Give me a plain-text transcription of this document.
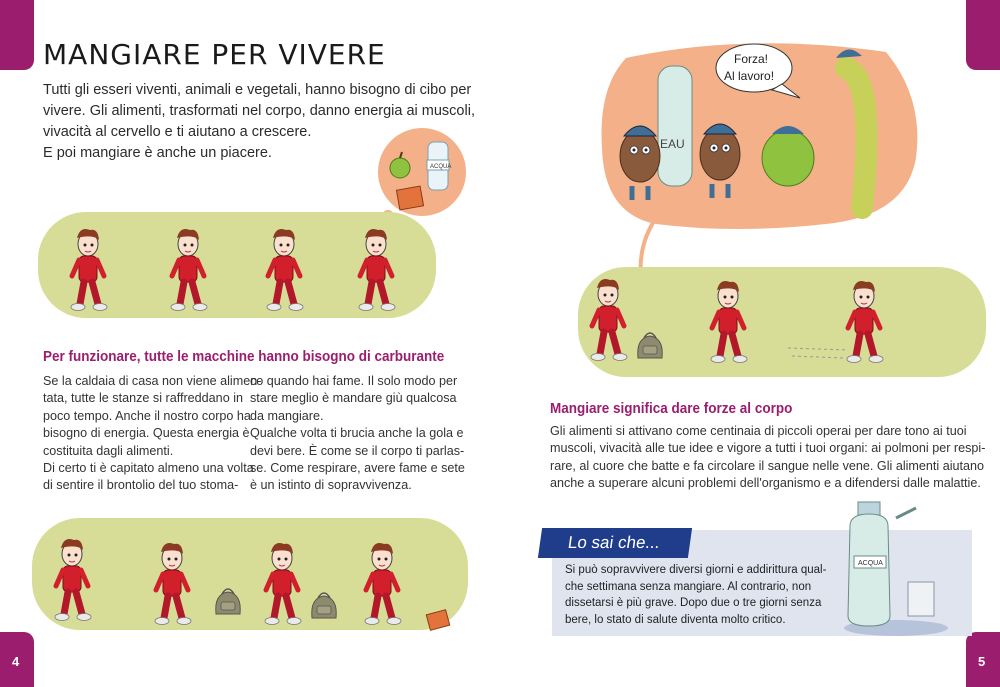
MANGIARE PER VIVERE
Tutti gli esseri viventi, animali e vegetali, hanno bisogno di cibo per
vivere. Gli alimenti, trasformati nel corpo, danno energia ai muscoli,
vivacità al cervello e ti aiutano a crescere.
E poi mangiare è anche un piacere.
ACQUA
Per funzionare, tutte le macchine hanno bisogno di carburante
Se la caldaia di casa non viene alimen-
tata, tutte le stanze si raffreddano in
poco tempo. Anche il nostro corpo ha
bisogno di energia. Questa energia è
costituita dagli alimenti.
Di certo ti è capitato almeno una volta
di sentire il brontolio del tuo stoma-
co quando hai fame. Il solo modo per
stare meglio è mandare giù qualcosa
da mangiare.
Qualche volta ti brucia anche la gola e
devi bere. È come se il corpo ti parlas-
se. Come respirare, avere fame e sete
è un istinto di sopravvivenza.
4
Forza!
Al lavoro!
EAU
Mangiare significa dare forze al corpo
Gli alimenti si attivano come centinaia di piccoli operai per dare tono ai tuoi
muscoli, vivacità alle tue idee e vigore a tutti i tuoi organi: ai polmoni per respi-
rare, al cuore che batte e fa circolare il sangue nelle vene. Gli alimenti aiutano
anche a superare alcuni problemi dell'organismo e a difendersi dalle malattie.
5
Lo sai che...
Si può sopravvivere diversi giorni e addirittura qual-
che settimana senza mangiare. Al contrario, non
dissetarsi è più grave. Dopo due o tre giorni senza
bere, lo stato di salute diventa molto critico.
ACQUA
